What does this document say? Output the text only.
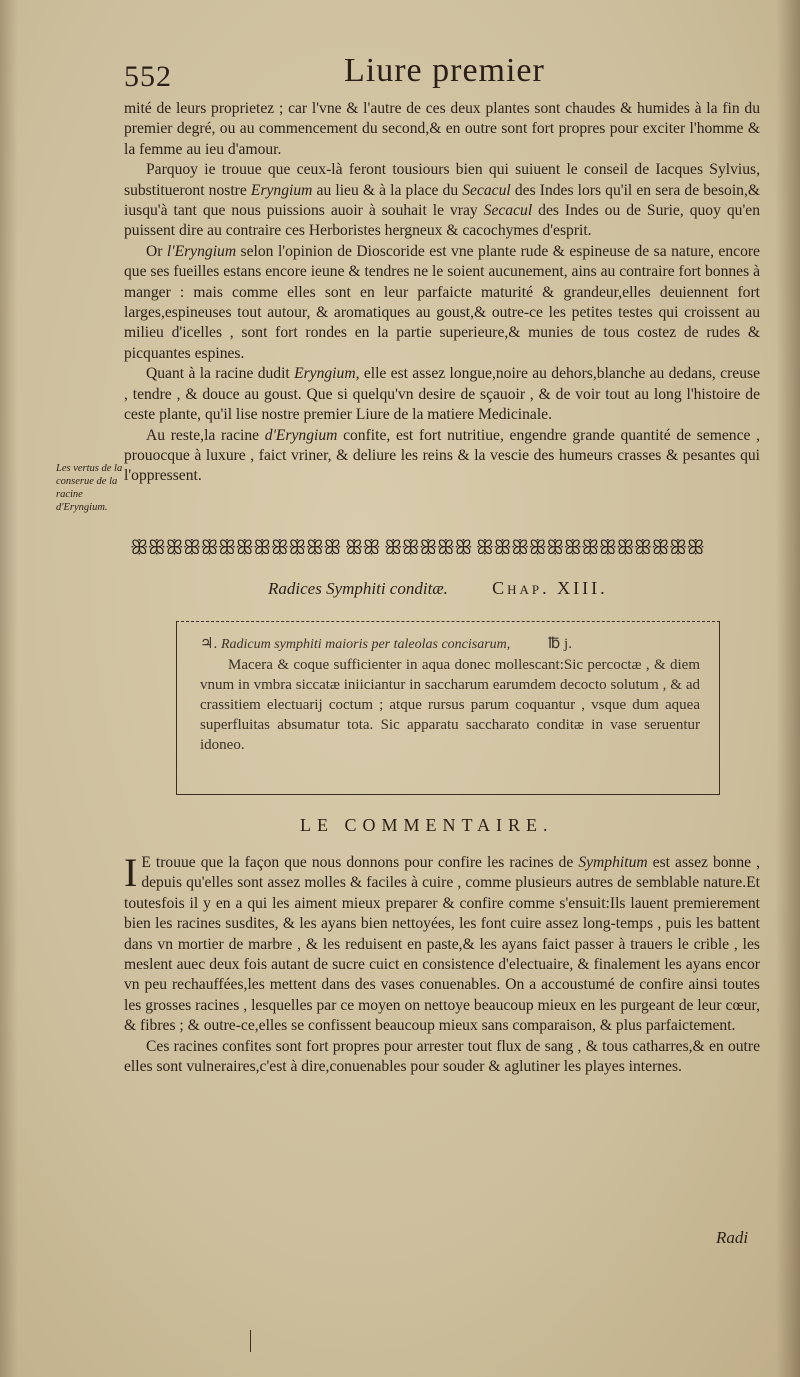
552	Liure premier

mité de leurs proprietez ; car l'vne & l'autre de ces deux plantes sont chaudes & humides à la fin du premier degré, ou au commencement du second,& en outre sont fort propres pour exciter l'homme & la femme au ieu d'amour.

Parquoy ie trouue que ceux-là feront tousiours bien qui suiuent le conseil de Iacques Sylvius, substitueront nostre Eryngium au lieu & à la place du Secacul des Indes lors qu'il en sera de besoin,& iusqu'à tant que nous puissions auoir à souhait le vray Secacul des Indes ou de Surie, quoy qu'en puissent dire au contraire ces Herboristes hergneux & cacochymes d'esprit.

Or l'Eryngium selon l'opinion de Dioscoride est vne plante rude & espineuse de sa nature, encore que ses fueilles estans encore ieune & tendres ne le soient aucunement, ains au contraire fort bonnes à manger : mais comme elles sont en leur parfaicte maturité & grandeur,elles deuiennent fort larges,espineuses tout autour, & aromatiques au goust,& outre-ce les petites testes qui croissent au milieu d'icelles , sont fort rondes en la partie superieure,& munies de tous costez de rudes & picquantes espines.

Quant à la racine dudit Eryngium, elle est assez longue,noire au dehors,blanche au dedans, creuse , tendre , & douce au goust. Que si quelqu'vn desire de sçauoir , & de voir tout au long l'histoire de ceste plante, qu'il lise nostre premier Liure de la matiere Medicinale.

Au reste,la racine d'Eryngium confite, est fort nutritiue, engendre grande quantité de semence , prouocque à luxure , faict vriner, & deliure les reins & la vescie des humeurs crasses & pesantes qui l'oppressent.

Les vertus de la conserue de la racine d'Eryngium.
ꕥꕥꕥꕥꕥꕥꕥꕥꕥꕥꕥꕥ ꕥꕥ ꕥꕥꕥꕥꕥ ꕥꕥꕥꕥꕥꕥꕥꕥꕥꕥꕥꕥꕥ
Radices Symphiti conditæ. Chap. XIII.

♃. Radicum symphiti maioris per taleolas concisarum,	℔ j.

Macera & coque sufficienter in aqua donec mollescant:Sic percoctæ , & diem vnum in vmbra siccatæ iniiciantur in saccharum earumdem decocto solutum , & ad crassitiem electuarij coctum ; atque rursus parum coquantur , vsque dum aquea superfluitas absumatur tota. Sic apparatu saccharato conditæ in vase seruentur idoneo.

LE COMMENTAIRE.

I E trouue que la façon que nous donnons pour confire les racines de Symphitum est assez bonne , depuis qu'elles sont assez molles & faciles à cuire , comme plusieurs autres de semblable nature.Et toutesfois il y en a qui les aiment mieux preparer & confire comme s'ensuit:Ils lauent premierement bien les racines susdites, & les ayans bien nettoyées, les font cuire assez long-temps , puis les battent dans vn mortier de marbre , & les reduisent en paste,& les ayans faict passer à trauers le crible , les meslent auec deux fois autant de sucre cuict en consistence d'electuaire, & finalement les ayans encor vn peu rechauffées,les mettent dans des vases conuenables. On a accoustumé de confire ainsi toutes les grosses racines , lesquelles par ce moyen on nettoye beaucoup mieux en les purgeant de leur cœur, & fibres ; & outre-ce,elles se confissent beaucoup mieux sans comparaison, & plus parfaictement.

Ces racines confites sont fort propres pour arrester tout flux de sang , & tous catharres,& en outre elles sont vulneraires,c'est à dire,conuenables pour souder & aglutiner les playes internes.

Radi
